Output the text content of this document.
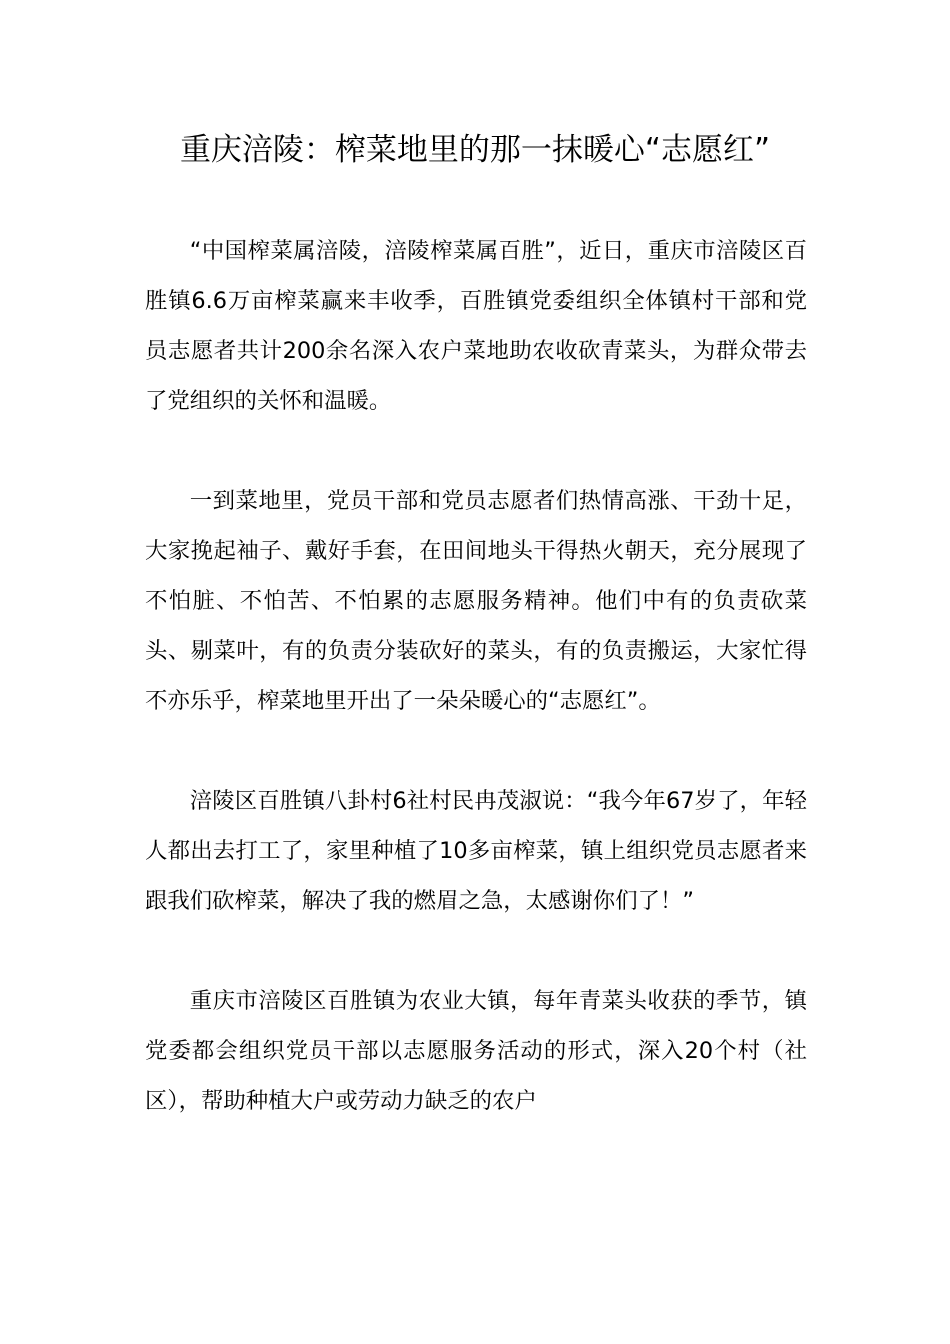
重庆涪陵：榨菜地里的那一抹暖心“志愿红”

“中国榨菜属涪陵，涪陵榨菜属百胜”，近日，重庆市涪陵区百胜镇6.6万亩榨菜赢来丰收季，百胜镇党委组织全体镇村干部和党员志愿者共计200余名深入农户菜地助农收砍青菜头，为群众带去了党组织的关怀和温暖。

一到菜地里，党员干部和党员志愿者们热情高涨、干劲十足，大家挽起袖子、戴好手套，在田间地头干得热火朝天，充分展现了不怕脏、不怕苦、不怕累的志愿服务精神。他们中有的负责砍菜头、剔菜叶，有的负责分装砍好的菜头，有的负责搬运，大家忙得不亦乐乎，榨菜地里开出了一朵朵暖心的“志愿红”。

涪陵区百胜镇八卦村6社村民冉茂淑说：“我今年67岁了，年轻人都出去打工了，家里种植了10多亩榨菜，镇上组织党员志愿者来跟我们砍榨菜，解决了我的燃眉之急，太感谢你们了！”

重庆市涪陵区百胜镇为农业大镇，每年青菜头收获的季节，镇党委都会组织党员干部以志愿服务活动的形式，深入20个村（社区），帮助种植大户或劳动力缺乏的农户
